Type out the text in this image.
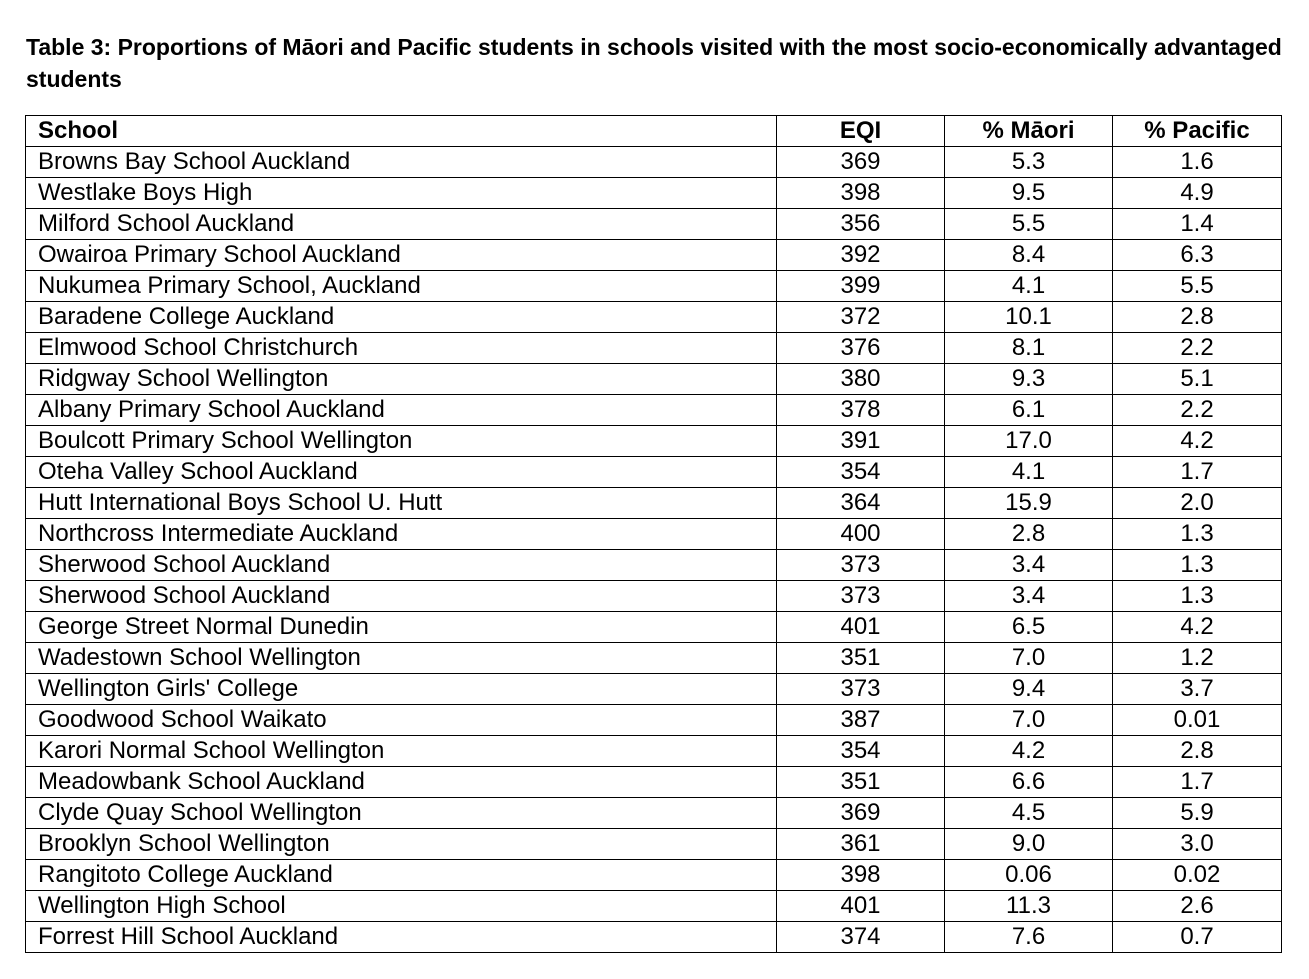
Table 3: Proportions of Māori and Pacific students in schools visited with the most socio-economically advantaged students
School	EQI	% Māori	% Pacific
Browns Bay School Auckland	369	5.3	1.6
Westlake Boys High	398	9.5	4.9
Milford School Auckland	356	5.5	1.4
Owairoa Primary School Auckland	392	8.4	6.3
Nukumea Primary School, Auckland	399	4.1	5.5
Baradene College Auckland	372	10.1	2.8
Elmwood School Christchurch	376	8.1	2.2
Ridgway School Wellington	380	9.3	5.1
Albany Primary School Auckland	378	6.1	2.2
Boulcott Primary School Wellington	391	17.0	4.2
Oteha Valley School Auckland	354	4.1	1.7
Hutt International Boys School U. Hutt	364	15.9	2.0
Northcross Intermediate Auckland	400	2.8	1.3
Sherwood School Auckland	373	3.4	1.3
Sherwood School Auckland	373	3.4	1.3
George Street Normal Dunedin	401	6.5	4.2
Wadestown School Wellington	351	7.0	1.2
Wellington Girls' College	373	9.4	3.7
Goodwood School Waikato	387	7.0	0.01
Karori Normal School Wellington	354	4.2	2.8
Meadowbank School Auckland	351	6.6	1.7
Clyde Quay School Wellington	369	4.5	5.9
Brooklyn School Wellington	361	9.0	3.0
Rangitoto College Auckland	398	0.06	0.02
Wellington High School	401	11.3	2.6
Forrest Hill School Auckland	374	7.6	0.7
